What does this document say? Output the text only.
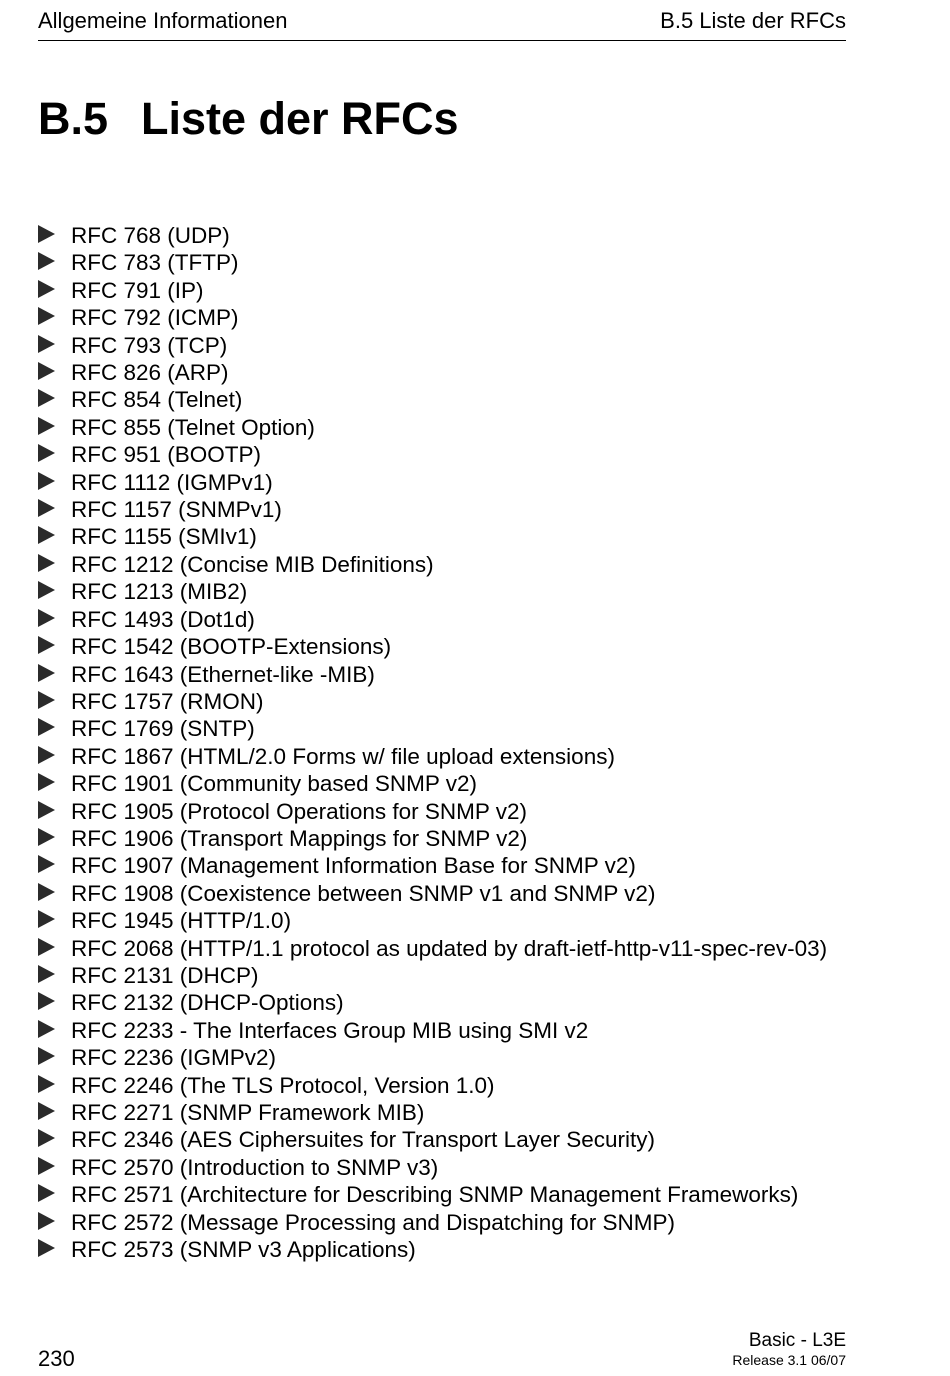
Allgemeine Informationen	B.5 Liste der RFCs
B.5 Liste der RFCs
RFC 768 (UDP)
RFC 783 (TFTP)
RFC 791 (IP)
RFC 792 (ICMP)
RFC 793 (TCP)
RFC 826 (ARP)
RFC 854 (Telnet)
RFC 855 (Telnet Option)
RFC 951 (BOOTP)
RFC 1112 (IGMPv1)
RFC 1157 (SNMPv1)
RFC 1155 (SMIv1)
RFC 1212 (Concise MIB Definitions)
RFC 1213 (MIB2)
RFC 1493 (Dot1d)
RFC 1542 (BOOTP-Extensions)
RFC 1643 (Ethernet-like -MIB)
RFC 1757 (RMON)
RFC 1769 (SNTP)
RFC 1867 (HTML/2.0 Forms w/ file upload extensions)
RFC 1901 (Community based SNMP v2)
RFC 1905 (Protocol Operations for SNMP v2)
RFC 1906 (Transport Mappings for SNMP v2)
RFC 1907 (Management Information Base for SNMP v2)
RFC 1908 (Coexistence between SNMP v1 and SNMP v2)
RFC 1945 (HTTP/1.0)
RFC 2068 (HTTP/1.1 protocol as updated by draft-ietf-http-v11-spec-rev-03)
RFC 2131 (DHCP)
RFC 2132 (DHCP-Options)
RFC 2233 - The Interfaces Group MIB using SMI v2
RFC 2236 (IGMPv2)
RFC 2246 (The TLS Protocol, Version 1.0)
RFC 2271 (SNMP Framework MIB)
RFC 2346 (AES Ciphersuites for Transport Layer Security)
RFC 2570 (Introduction to SNMP v3)
RFC 2571 (Architecture for Describing SNMP Management Frameworks)
RFC 2572 (Message Processing and Dispatching for SNMP)
RFC 2573 (SNMP v3 Applications)
230
Basic - L3E
Release 3.1 06/07
